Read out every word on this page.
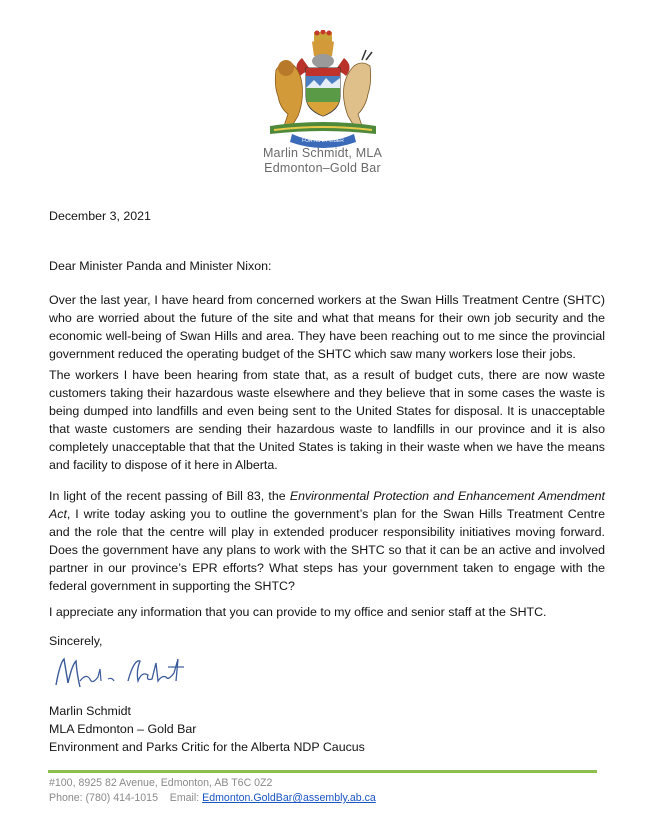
FORTIS ET LIBER
Marlin Schmidt, MLA
Edmonton–Gold Bar
December 3, 2021
Dear Minister Panda and Minister Nixon:
Over the last year, I have heard from concerned workers at the Swan Hills Treatment Centre (SHTC) who are worried about the future of the site and what that means for their own job security and the economic well-being of Swan Hills and area. They have been reaching out to me since the provincial government reduced the operating budget of the SHTC which saw many workers lose their jobs.
The workers I have been hearing from state that, as a result of budget cuts, there are now waste customers taking their hazardous waste elsewhere and they believe that in some cases the waste is being dumped into landfills and even being sent to the United States for disposal. It is unacceptable that waste customers are sending their hazardous waste to landfills in our province and it is also completely unacceptable that that the United States is taking in their waste when we have the means and facility to dispose of it here in Alberta.
In light of the recent passing of Bill 83, the Environmental Protection and Enhancement Amendment Act, I write today asking you to outline the government’s plan for the Swan Hills Treatment Centre and the role that the centre will play in extended producer responsibility initiatives moving forward. Does the government have any plans to work with the SHTC so that it can be an active and involved partner in our province’s EPR efforts? What steps has your government taken to engage with the federal government in supporting the SHTC?
I appreciate any information that you can provide to my office and senior staff at the SHTC.
Sincerely,
Marlin Schmidt
MLA Edmonton – Gold Bar
Environment and Parks Critic for the Alberta NDP Caucus
#100, 8925 82 Avenue, Edmonton, AB T6C 0Z2
Phone: (780) 414-1015 Email: Edmonton.GoldBar@assembly.ab.ca
